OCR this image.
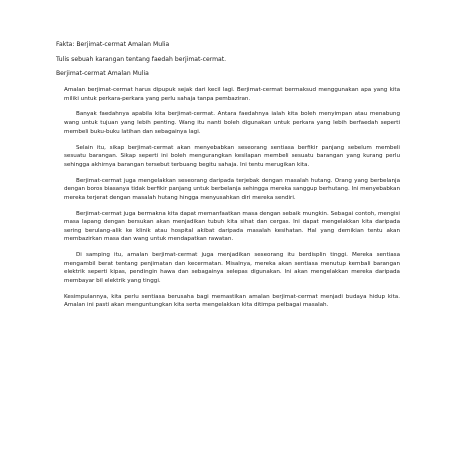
Fakta: Berjimat-cermat Amalan Mulia
Tulis sebuah karangan tentang faedah berjimat-cermat.
Berjimat-cermat Amalan Mulia

Amalan berjimat-cermat harus dipupuk sejak dari kecil lagi. Berjimat-cermat bermaksud menggunakan apa yang kita miliki untuk perkara-perkara yang perlu sahaja tanpa pembaziran.

Banyak faedahnya apabila kita berjimat-cermat. Antara faedahnya ialah kita boleh menyimpan atau menabung wang untuk tujuan yang lebih penting. Wang itu nanti boleh digunakan untuk perkara yang lebih berfaedah seperti membeli buku-buku latihan dan sebagainya lagi.

Selain itu, sikap berjimat-cermat akan menyebabkan seseorang sentiasa berfikir panjang sebelum membeli sesuatu barangan. Sikap seperti ini boleh mengurangkan kesilapan membeli sesuatu barangan yang kurang perlu sehingga akhirnya barangan tersebut terbuang begitu sahaja. Ini tentu merugikan kita.

Berjimat-cermat juga mengelakkan seseorang daripada terjebak dengan masalah hutang. Orang yang berbelanja dengan boros biasanya tidak berfikir panjang untuk berbelanja sehingga mereka sanggup berhutang. Ini menyebabkan mereka terjerat dengan masalah hutang hingga menyusahkan diri mereka sendiri.

Berjimat-cermat juga bermakna kita dapat memanfaatkan masa dengan sebaik mungkin. Sebagai contoh, mengisi masa lapang dengan bersukan akan menjadikan tubuh kita sihat dan cergas. Ini dapat mengelakkan kita daripada sering berulang-alik ke klinik atau hospital akibat daripada masalah kesihatan. Hal yang demikian tentu akan membazirkan masa dan wang untuk mendapatkan rawatan.

Di samping itu, amalan berjimat-cermat juga menjadikan seseorang itu berdisplin tinggi. Mereka sentiasa mengambil berat tentang penjimatan dan kecermatan. Misalnya, mereka akan sentiasa menutup kembali barangan elektrik seperti kipas, pendingin hawa dan sebagainya selepas digunakan. Ini akan mengelakkan mereka daripada membayar bil elektrik yang tinggi.

Kesimpulannya, kita perlu sentiasa berusaha bagi memastikan amalan berjimat-cermat menjadi budaya hidup kita. Amalan ini pasti akan menguntungkan kita serta mengelakkan kita ditimpa pelbagai masalah.
